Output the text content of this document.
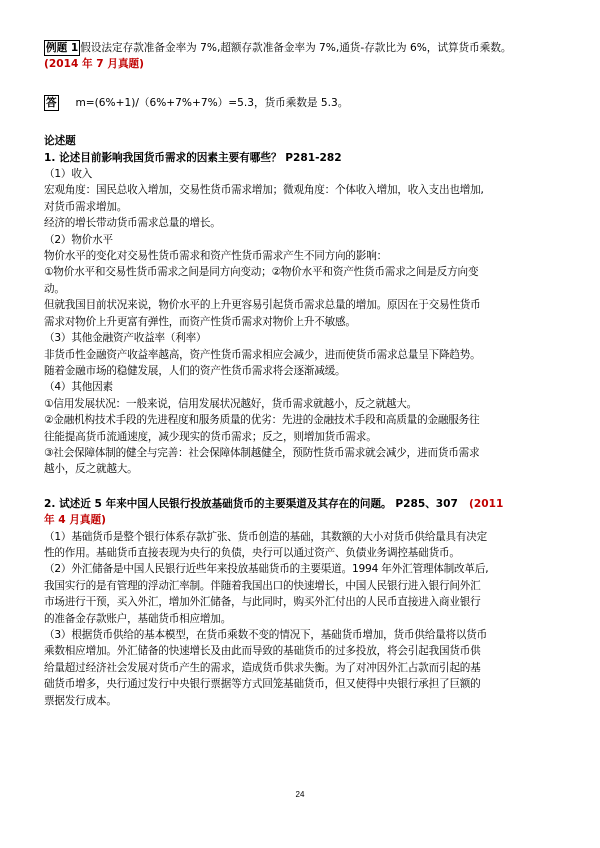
例题 1 假设法定存款准备金率为 7%,超额存款准备金率为 7%,通货-存款比为 6%，试算货币乘数。
(2014 年 7 月真题)
答 m=(6%+1)/（6%+7%+7%）=5.3，货币乘数是 5.3。
论述题
1. 论述目前影响我国货币需求的因素主要有哪些？ P281-282
（1）收入
宏观角度：国民总收入增加，交易性货币需求增加；微观角度：个体收入增加，收入支出也增加,
对货币需求增加。
经济的增长带动货币需求总量的增长。
（2）物价水平
物价水平的变化对交易性货币需求和资产性货币需求产生不同方向的影响：
①物价水平和交易性货币需求之间是同方向变动；②物价水平和资产性货币需求之间是反方向变
动。
但就我国目前状况来说，物价水平的上升更容易引起货币需求总量的增加。原因在于交易性货币
需求对物价上升更富有弹性，而资产性货币需求对物价上升不敏感。
（3）其他金融资产收益率（利率）
非货币性金融资产收益率越高，资产性货币需求相应会减少，进而使货币需求总量呈下降趋势。
随着金融市场的稳健发展，人们的资产性货币需求将会逐渐减缓。
（4）其他因素
①信用发展状况：一般来说，信用发展状况越好，货币需求就越小，反之就越大。
②金融机构技术手段的先进程度和服务质量的优劣：先进的金融技术手段和高质量的金融服务往
往能提高货币流通速度，减少现实的货币需求；反之，则增加货币需求。
③社会保障体制的健全与完善：社会保障体制越健全，预防性货币需求就会减少，进而货币需求
越小，反之就越大。
2. 试述近 5 年来中国人民银行投放基础货币的主要渠道及其存在的问题。 P285、307 (2011
年 4 月真题)
（1）基础货币是整个银行体系存款扩张、货币创造的基础，其数额的大小对货币供给量具有决定
性的作用。基础货币直接表现为央行的负债，央行可以通过资产、负债业务调控基础货币。
（2）外汇储备是中国人民银行近些年来投放基础货币的主要渠道。1994 年外汇管理体制改革后,
我国实行的是有管理的浮动汇率制。伴随着我国出口的快速增长，中国人民银行进入银行间外汇
市场进行干预，买入外汇，增加外汇储备，与此同时，购买外汇付出的人民币直接进入商业银行
的准备金存款账户，基础货币相应增加。
（3）根据货币供给的基本模型，在货币乘数不变的情况下，基础货币增加，货币供给量将以货币
乘数相应增加。外汇储备的快速增长及由此而导致的基础货币的过多投放，将会引起我国货币供
给量超过经济社会发展对货币产生的需求，造成货币供求失衡。为了对冲因外汇占款而引起的基
础货币增多，央行通过发行中央银行票据等方式回笼基础货币，但又使得中央银行承担了巨额的
票据发行成本。
24
